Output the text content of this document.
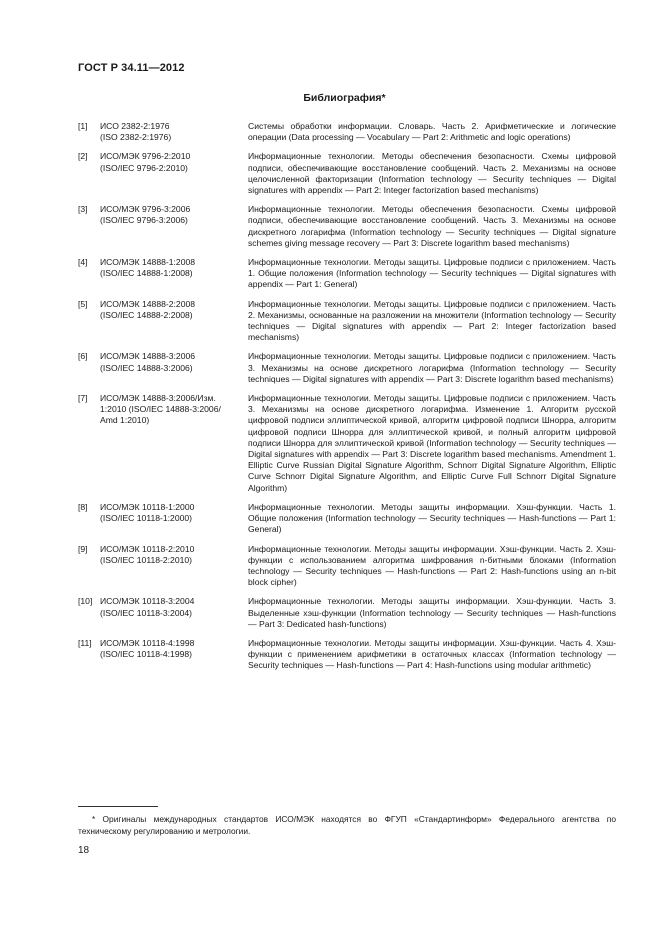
ГОСТ Р 34.11—2012
Библиография*
[1]	ИСО 2382-2:1976
(ISO 2382-2:1976)
Системы обработки информации. Словарь. Часть 2. Арифметические и логические операции (Data processing — Vocabulary — Part 2: Arithmetic and logic operations)
[2]	ИСО/МЭК 9796-2:2010
(ISO/IEC 9796-2:2010)
Информационные технологии. Методы обеспечения безопасности. Схемы цифровой подписи, обеспечивающие восстановление сообщений. Часть 2. Механизмы на основе целочисленной факторизации (Information technology — Security techniques — Digital signatures with appendix — Part 2: Integer factorization based mechanisms)
[3]	ИСО/МЭК 9796-3:2006
(ISO/IEC 9796-3:2006)
Информационные технологии. Методы обеспечения безопасности. Схемы цифровой подписи, обеспечивающие восстановление сообщений. Часть 3. Механизмы на основе дискретного логарифма (Information technology — Security techniques — Digital signature schemes giving message recovery — Part 3: Discrete logarithm based mechanisms)
[4]	ИСО/МЭК 14888-1:2008
(ISO/IEC 14888-1:2008)
Информационные технологии. Методы защиты. Цифровые подписи с приложением. Часть 1. Общие положения (Information technology — Security techniques — Digital signatures with appendix — Part 1: General)
[5]	ИСО/МЭК 14888-2:2008
(ISO/IEC 14888-2:2008)
Информационные технологии. Методы защиты. Цифровые подписи с приложением. Часть 2. Механизмы, основанные на разложении на множители (Information technology — Security techniques — Digital signatures with appendix — Part 2: Integer factorization based mechanisms)
[6]	ИСО/МЭК 14888-3:2006
(ISO/IEC 14888-3:2006)
Информационные технологии. Методы защиты. Цифровые подписи с приложением. Часть 3. Механизмы на основе дискретного логарифма (Information technology — Security techniques — Digital signatures with appendix — Part 3: Discrete logarithm based mechanisms)
[7]	ИСО/МЭК 14888-3:2006/Изм.
1:2010 (ISO/IEC 14888-3:2006/
Amd 1:2010)
Информационные технологии. Методы защиты. Цифровые подписи с приложением. Часть 3. Механизмы на основе дискретного логарифма. Изменение 1. Алгоритм русской цифровой подписи эллиптической кривой, алгоритм цифровой подписи Шнорра, алгоритм цифровой подписи Шнорра для эллиптической кривой, и полный алгоритм цифровой подписи Шнорра для эллиптической кривой (Information technology — Security techniques — Digital signatures with appendix — Part 3: Discrete logarithm based mechanisms. Amendment 1. Elliptic Curve Russian Digital Signature Algorithm, Schnorr Digital Signature Algorithm, Elliptic Curve Schnorr Digital Signature Algorithm, and Elliptic Curve Full Schnorr Digital Signature Algorithm)
[8]	ИСО/МЭК 10118-1:2000
(ISO/IEC 10118-1:2000)
Информационные технологии. Методы защиты информации. Хэш-функции. Часть 1. Общие положения (Information technology — Security techniques — Hash-functions — Part 1: General)
[9]	ИСО/МЭК 10118-2:2010
(ISO/IEC 10118-2:2010)
Информационные технологии. Методы защиты информации. Хэш-функции. Часть 2. Хэш-функции с использованием алгоритма шифрования n-битными блоками (Information technology — Security techniques — Hash-functions — Part 2: Hash-functions using an n-bit block cipher)
[10] ИСО/МЭК 10118-3:2004
(ISO/IEC 10118-3:2004)
Информационные технологии. Методы защиты информации. Хэш-функции. Часть 3. Выделенные хэш-функции (Information technology — Security techniques — Hash-functions — Part 3: Dedicated hash-functions)
[11] ИСО/МЭК 10118-4:1998
(ISO/IEC 10118-4:1998)
Информационные технологии. Методы защиты информации. Хэш-функции. Часть 4. Хэш-функции с применением арифметики в остаточных классах (Information technology — Security techniques — Hash-functions — Part 4: Hash-functions using modular arithmetic)
* Оригиналы международных стандартов ИСО/МЭК находятся во ФГУП «Стандартинформ» Федерального агентства по техническому регулированию и метрологии.
18
